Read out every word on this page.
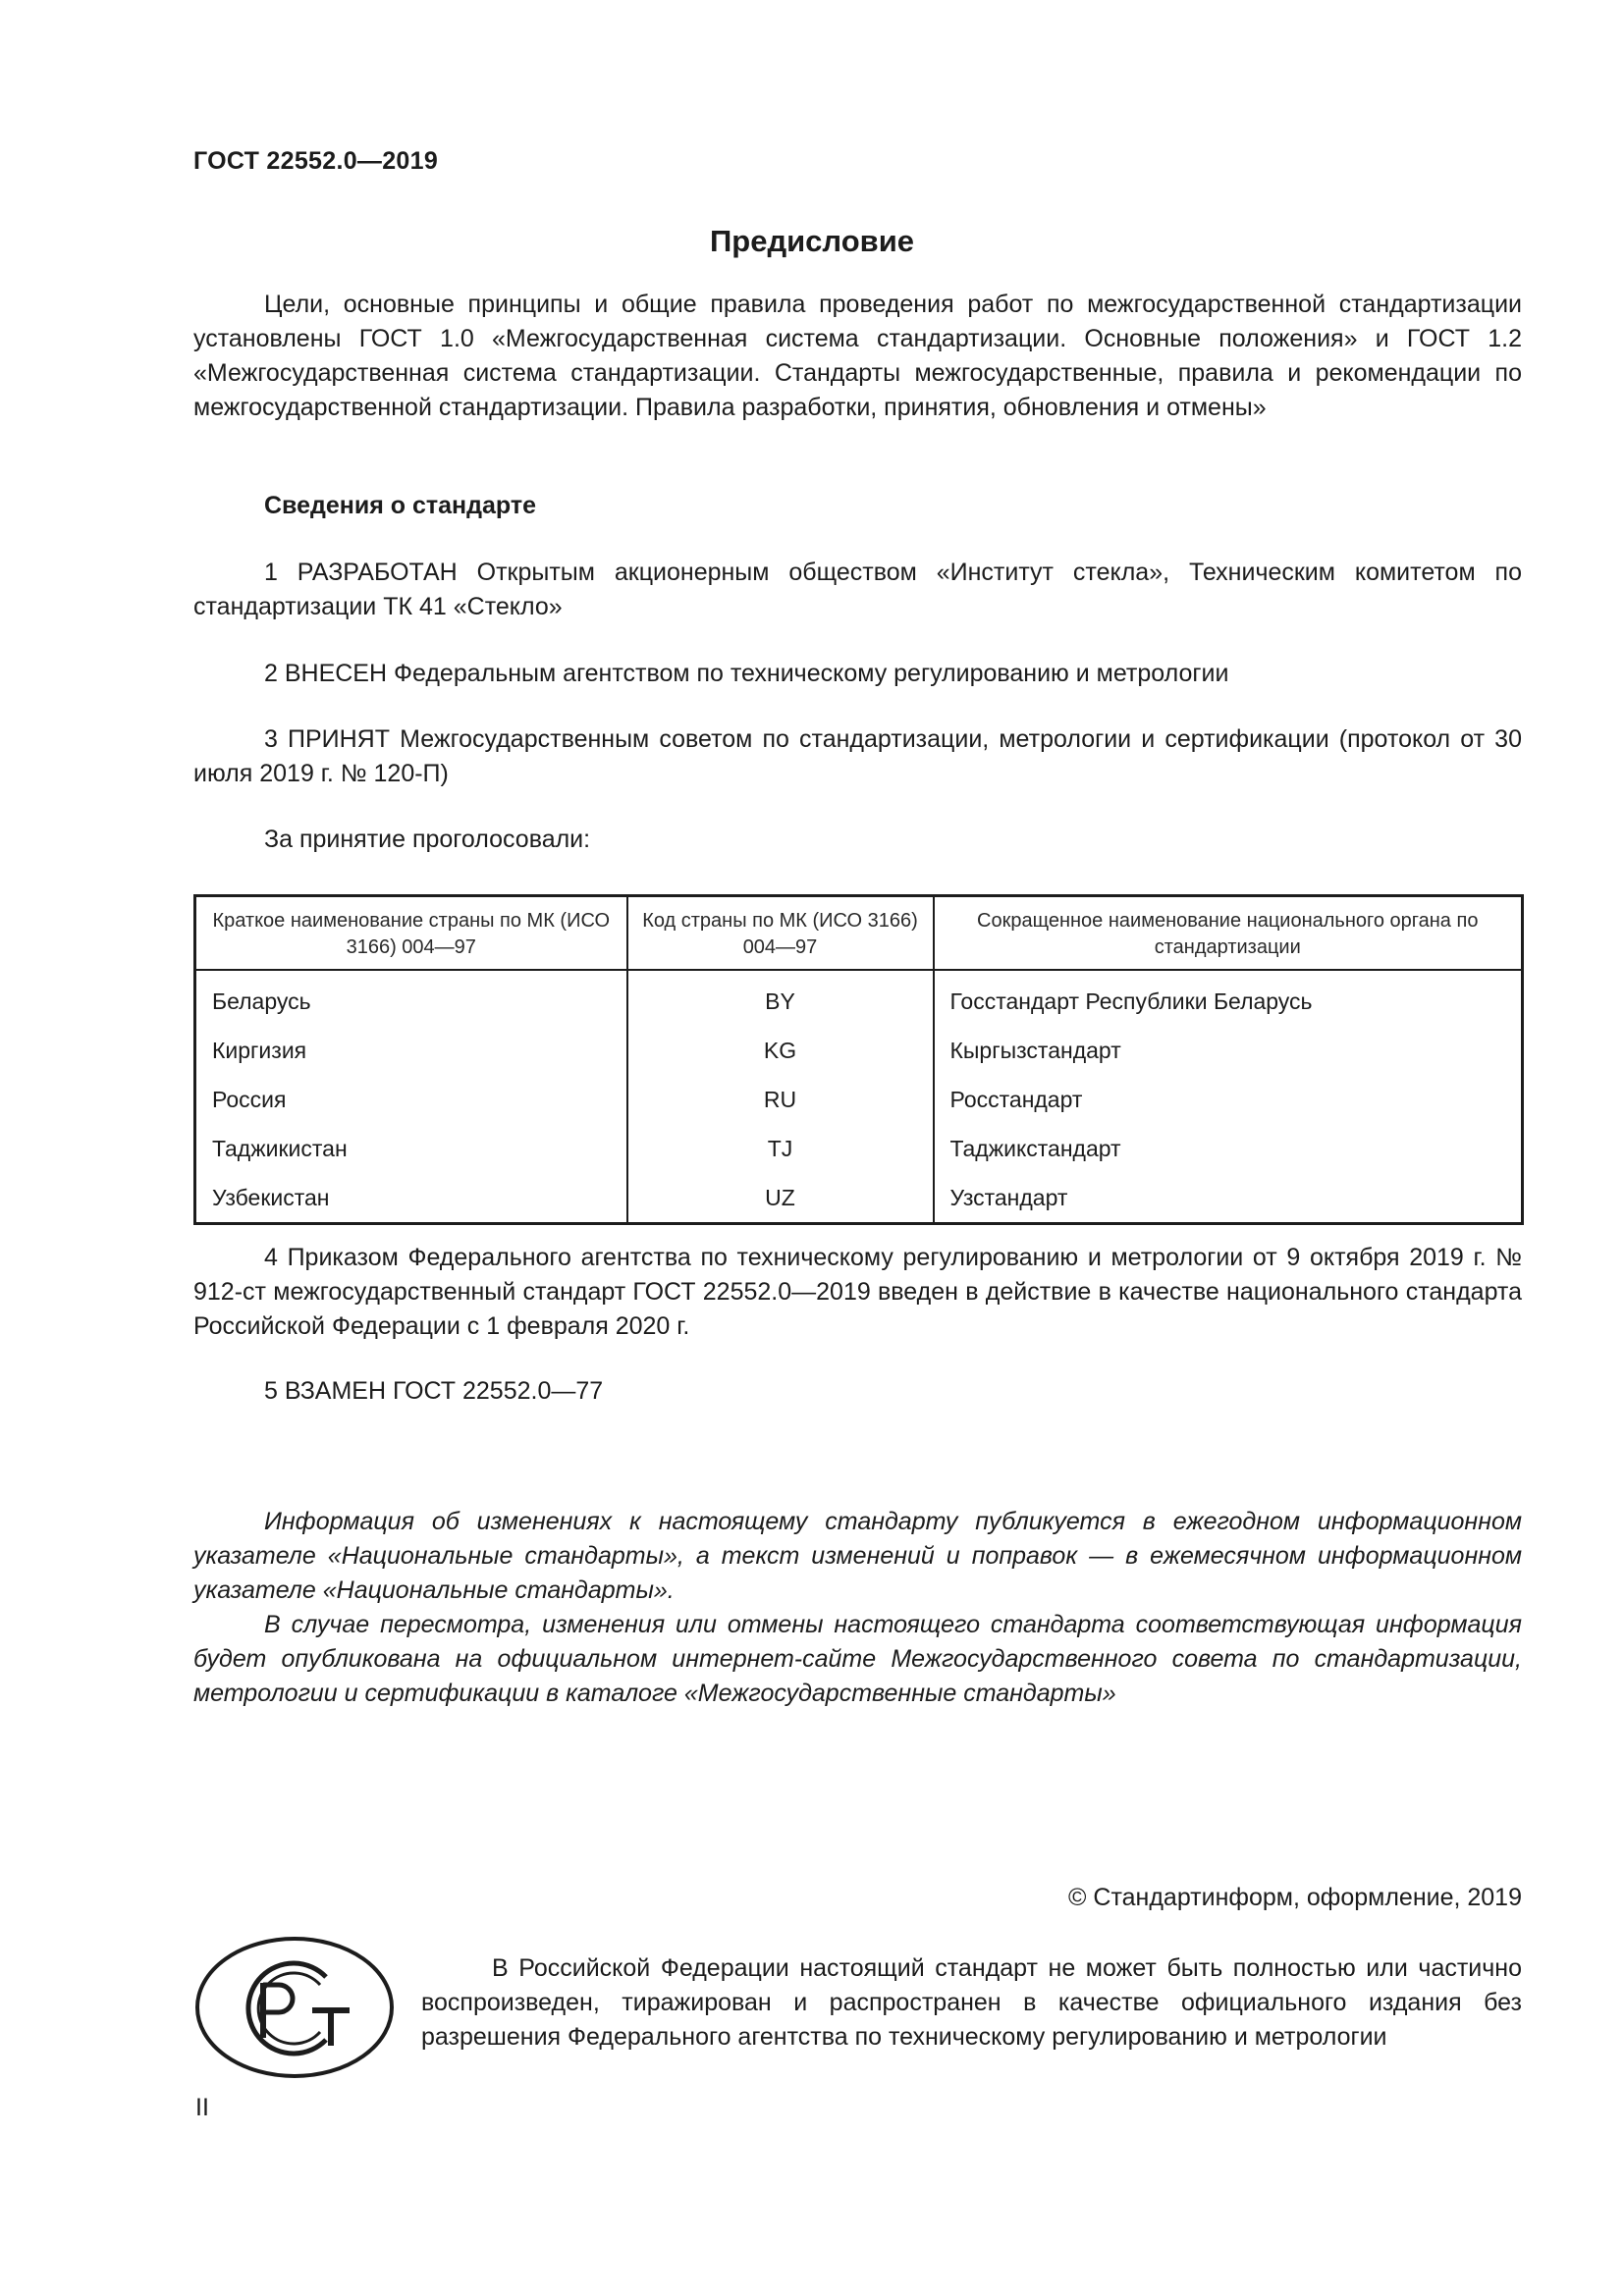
ГОСТ 22552.0—2019
Предисловие

Цели, основные принципы и общие правила проведения работ по межгосударственной стандартизации установлены ГОСТ 1.0 «Межгосударственная система стандартизации. Основные положения» и ГОСТ 1.2 «Межгосударственная система стандартизации. Стандарты межгосударственные, правила и рекомендации по межгосударственной стандартизации. Правила разработки, принятия, обновления и отмены»

Сведения о стандарте

1 РАЗРАБОТАН Открытым акционерным обществом «Институт стекла», Техническим комитетом по стандартизации ТК 41 «Стекло»

2 ВНЕСЕН Федеральным агентством по техническому регулированию и метрологии

3 ПРИНЯТ Межгосударственным советом по стандартизации, метрологии и сертификации (протокол от 30 июля 2019 г. № 120-П)

За принятие проголосовали:

Краткое наименование страны по МК (ИСО 3166) 004—97	Код страны по МК (ИСО 3166) 004—97	Сокращенное наименование национального органа по стандартизации
Беларусь	BY	Госстандарт Республики Беларусь
Киргизия	KG	Кыргызстандарт
Россия	RU	Росстандарт
Таджикистан	TJ	Таджикстандарт
Узбекистан	UZ	Узстандарт

4 Приказом Федерального агентства по техническому регулированию и метрологии от 9 октября 2019 г. № 912-ст межгосударственный стандарт ГОСТ 22552.0—2019 введен в действие в качестве национального стандарта Российской Федерации с 1 февраля 2020 г.

5 ВЗАМЕН ГОСТ 22552.0—77

Информация об изменениях к настоящему стандарту публикуется в ежегодном информационном указателе «Национальные стандарты», а текст изменений и поправок — в ежемесячном информационном указателе «Национальные стандарты».

В случае пересмотра, изменения или отмены настоящего стандарта соответствующая информация будет опубликована на официальном интернет-сайте Межгосударственного совета по стандартизации, метрологии и сертификации в каталоге «Межгосударственные стандарты»

© Стандартинформ, оформление, 2019

В Российской Федерации настоящий стандарт не может быть полностью или частично воспроизведен, тиражирован и распространен в качестве официального издания без разрешения Федерального агентства по техническому регулированию и метрологии

II
